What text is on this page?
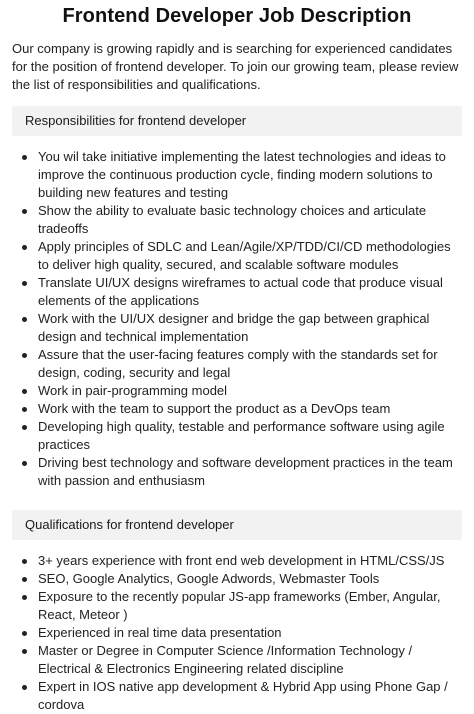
Frontend Developer Job Description

Our company is growing rapidly and is searching for experienced candidates for the position of frontend developer. To join our growing team, please review the list of responsibilities and qualifications.

Responsibilities for frontend developer
You wil take initiative implementing the latest technologies and ideas to improve the continuous production cycle, finding modern solutions to building new features and testing
Show the ability to evaluate basic technology choices and articulate tradeoffs
Apply principles of SDLC and Lean/Agile/XP/TDD/CI/CD methodologies to deliver high quality, secured, and scalable software modules
Translate UI/UX designs wireframes to actual code that produce visual elements of the applications
Work with the UI/UX designer and bridge the gap between graphical design and technical implementation
Assure that the user-facing features comply with the standards set for design, coding, security and legal
Work in pair-programming model
Work with the team to support the product as a DevOps team
Developing high quality, testable and performance software using agile practices
Driving best technology and software development practices in the team with passion and enthusiasm
Qualifications for frontend developer
3+ years experience with front end web development in HTML/CSS/JS
SEO, Google Analytics, Google Adwords, Webmaster Tools
Exposure to the recently popular JS-app frameworks (Ember, Angular, React, Meteor )
Experienced in real time data presentation
Master or Degree in Computer Science /Information Technology / Electrical & Electronics Engineering related discipline
Expert in IOS native app development & Hybrid App using Phone Gap / cordova
